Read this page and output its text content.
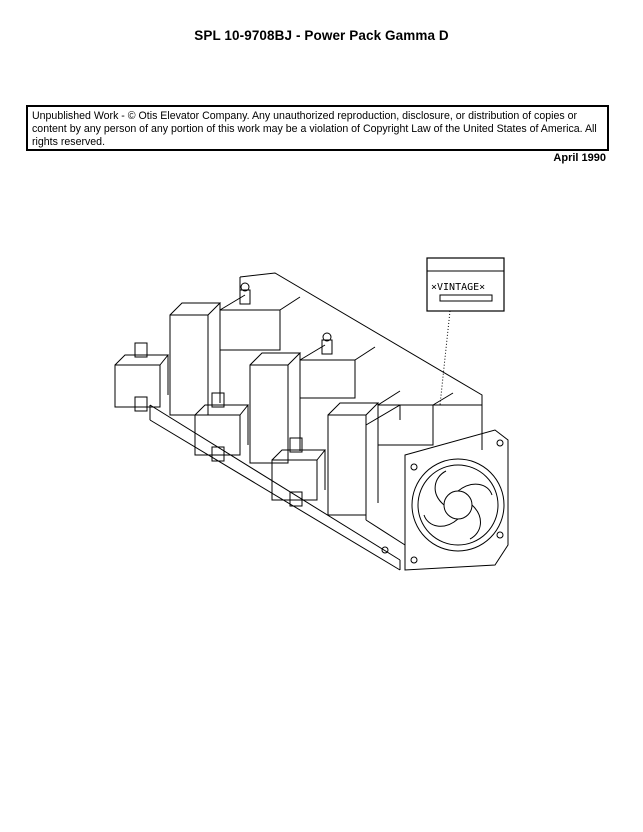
SPL 10-9708BJ - Power Pack Gamma D
Unpublished Work - © Otis Elevator Company. Any unauthorized reproduction, disclosure, or distribution of copies or content by any person of any portion of this work may be a violation of Copyright Law of the United States of America. All rights reserved.
April 1990
×VINTAGE×
